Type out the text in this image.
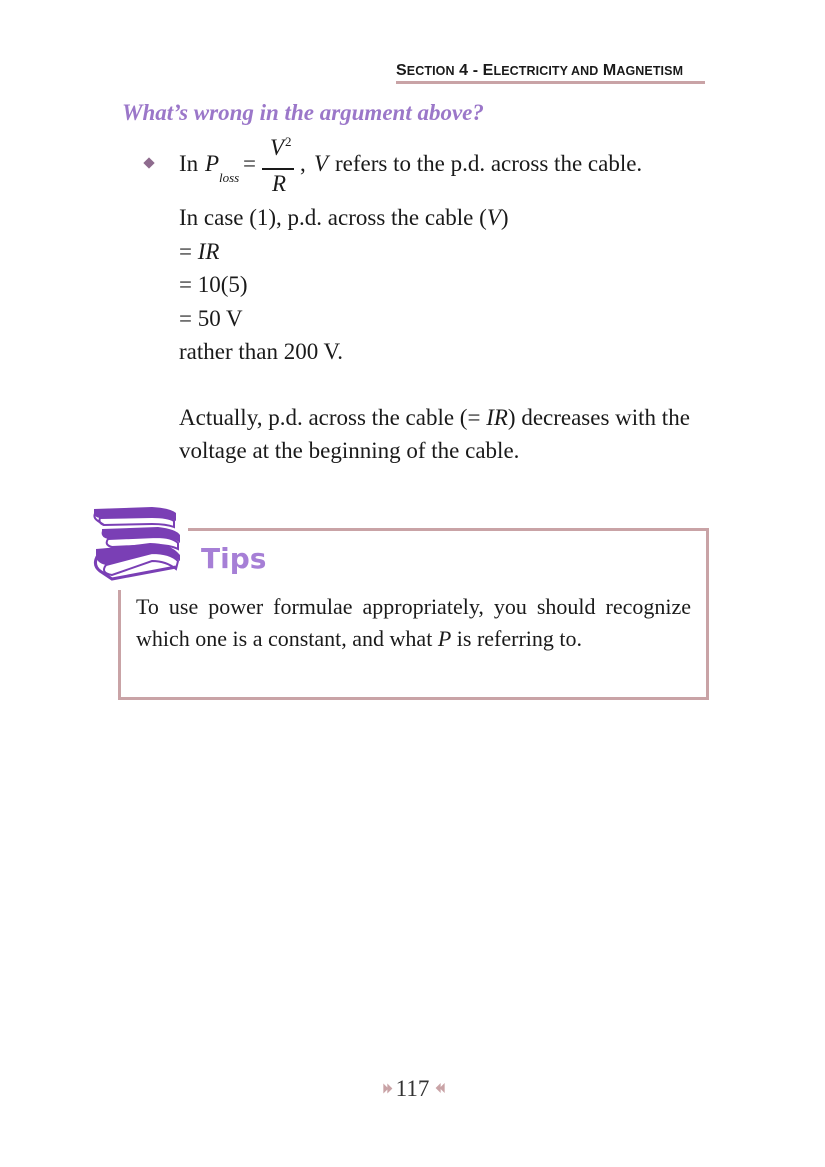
SECTION 4 - ELECTRICITY AND MAGNETISM
What’s wrong in the argument above?
In P
loss
=
V 2
R
, V refers to the p.d. across the cable.
In case (1), p.d. across the cable (V)
= IR
= 10(5)
= 50 V
rather than 200 V.
Actually, p.d. across the cable (= IR) decreases with the
voltage at the beginning of the cable.
Tips
To use power formulae appropriately, you should recognize which one is a constant, and what P is referring to.
⏵⏵ 117 ⏴⏴
